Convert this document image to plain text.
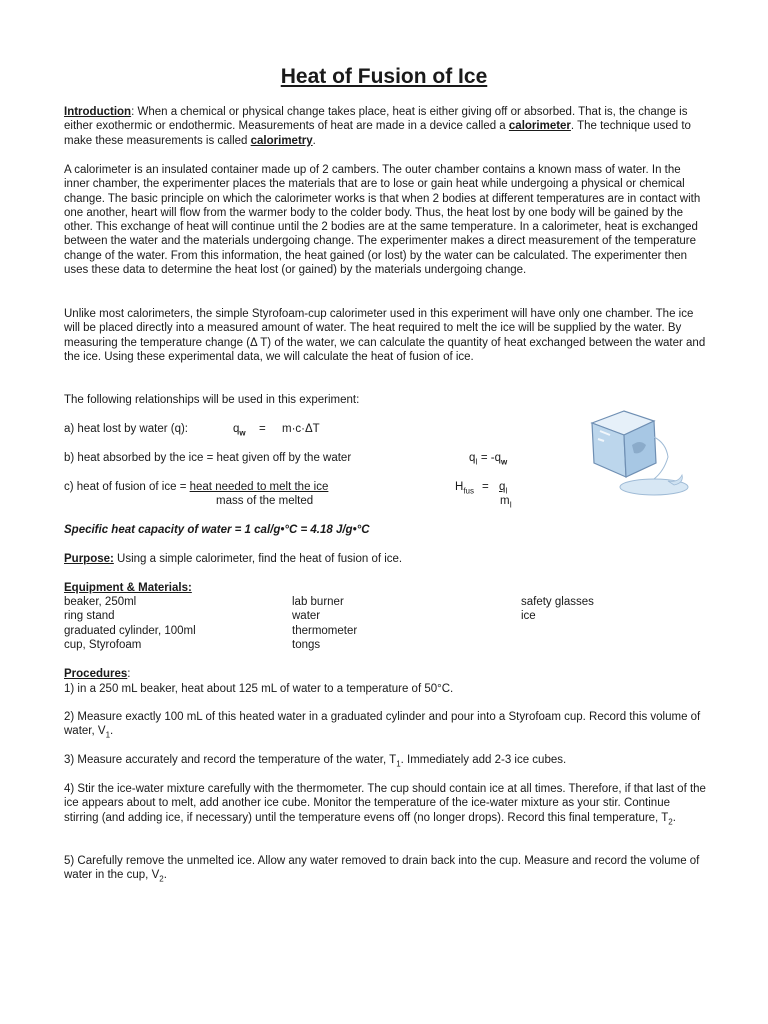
Heat of Fusion of Ice

Introduction: When a chemical or physical change takes place, heat is either giving off or absorbed. That is, the change is either exothermic or endothermic. Measurements of heat are made in a device called a calorimeter. The technique used to make these measurements is called calorimetry.

A calorimeter is an insulated container made up of 2 cambers. The outer chamber contains a known mass of water. In the inner chamber, the experimenter places the materials that are to lose or gain heat while undergoing a physical or chemical change. The basic principle on which the calorimeter works is that when 2 bodies at different temperatures are in contact with one another, heart will flow from the warmer body to the colder body. Thus, the heat lost by one body will be gained by the other. This exchange of heat will continue until the 2 bodies are at the same temperature. In a calorimeter, heat is exchanged between the water and the materials undergoing change. The experimenter makes a direct measurement of the temperature change of the water. From this information, the heat gained (or lost) by the water can be calculated. The experimenter then uses these data to determine the heat lost (or gained) by the materials undergoing change.

Unlike most calorimeters, the simple Styrofoam-cup calorimeter used in this experiment will have only one chamber. The ice will be placed directly into a measured amount of water. The heat required to melt the ice will be supplied by the water. By measuring the temperature change (Δ T) of the water, we can calculate the quantity of heat exchanged between the water and the ice. Using these experimental data, we will calculate the heat of fusion of ice.

The following relationships will be used in this experiment:

a) heat lost by water (q):	$q_w = m\cdot c\cdot\Delta T$
b) heat absorbed by the ice = heat given off by the water	$q_I = -q_w$
c) heat of fusion of ice = heat needed to melt the ice
mass of the melted
$H_{fus} = q_I$
$m_I$
Specific heat capacity of water = 1 cal/g•°C = 4.18 J/g•°C

Purpose: Using a simple calorimeter, find the heat of fusion of ice.

Equipment & Materials:
beaker, 250ml
ring stand
graduated cylinder, 100ml
cup, Styrofoam
lab burner
water
thermometer
tongs
safety glasses
ice
Procedures:

1) in a 250 mL beaker, heat about 125 mL of water to a temperature of 50°C.

2) Measure exactly 100 mL of this heated water in a graduated cylinder and pour into a Styrofoam cup. Record this volume of water, $V_1$.

3) Measure accurately and record the temperature of the water, $T_1$. Immediately add 2-3 ice cubes.

4) Stir the ice-water mixture carefully with the thermometer. The cup should contain ice at all times. Therefore, if that last of the ice appears about to melt, add another ice cube. Monitor the temperature of the ice-water mixture as your stir. Continue stirring (and adding ice, if necessary) until the temperature evens off (no longer drops). Record this final temperature, $T_2$.

5) Carefully remove the unmelted ice. Allow any water removed to drain back into the cup. Measure and record the volume of water in the cup, $V_2$.
